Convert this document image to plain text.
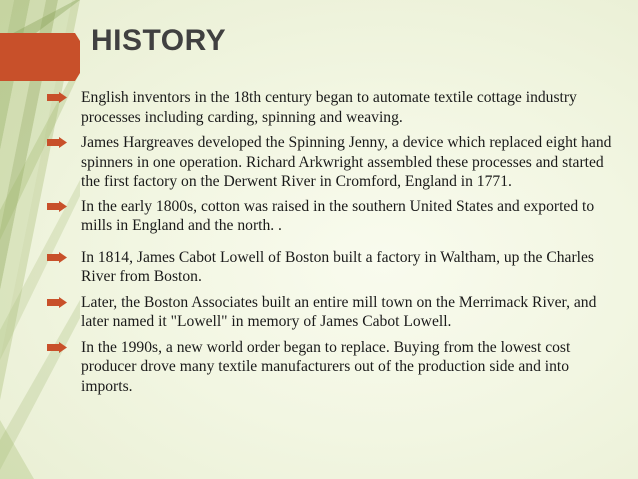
HISTORY
English inventors in the 18th century began to automate textile cottage industry processes including carding, spinning and weaving.
James Hargreaves developed the Spinning Jenny, a device which replaced eight hand spinners in one operation. Richard Arkwright assembled these processes and started the first factory on the Derwent River in Cromford, England in 1771.
In the early 1800s, cotton was raised in the southern United States and exported to mills in England and the north. .
In 1814, James Cabot Lowell of Boston built a factory in Waltham, up the Charles River from Boston.
Later, the Boston Associates built an entire mill town on the Merrimack River, and later named it "Lowell" in memory of James Cabot Lowell.
In the 1990s, a new world order began to replace. Buying from the lowest cost producer drove many textile manufacturers out of the production side and into imports.
